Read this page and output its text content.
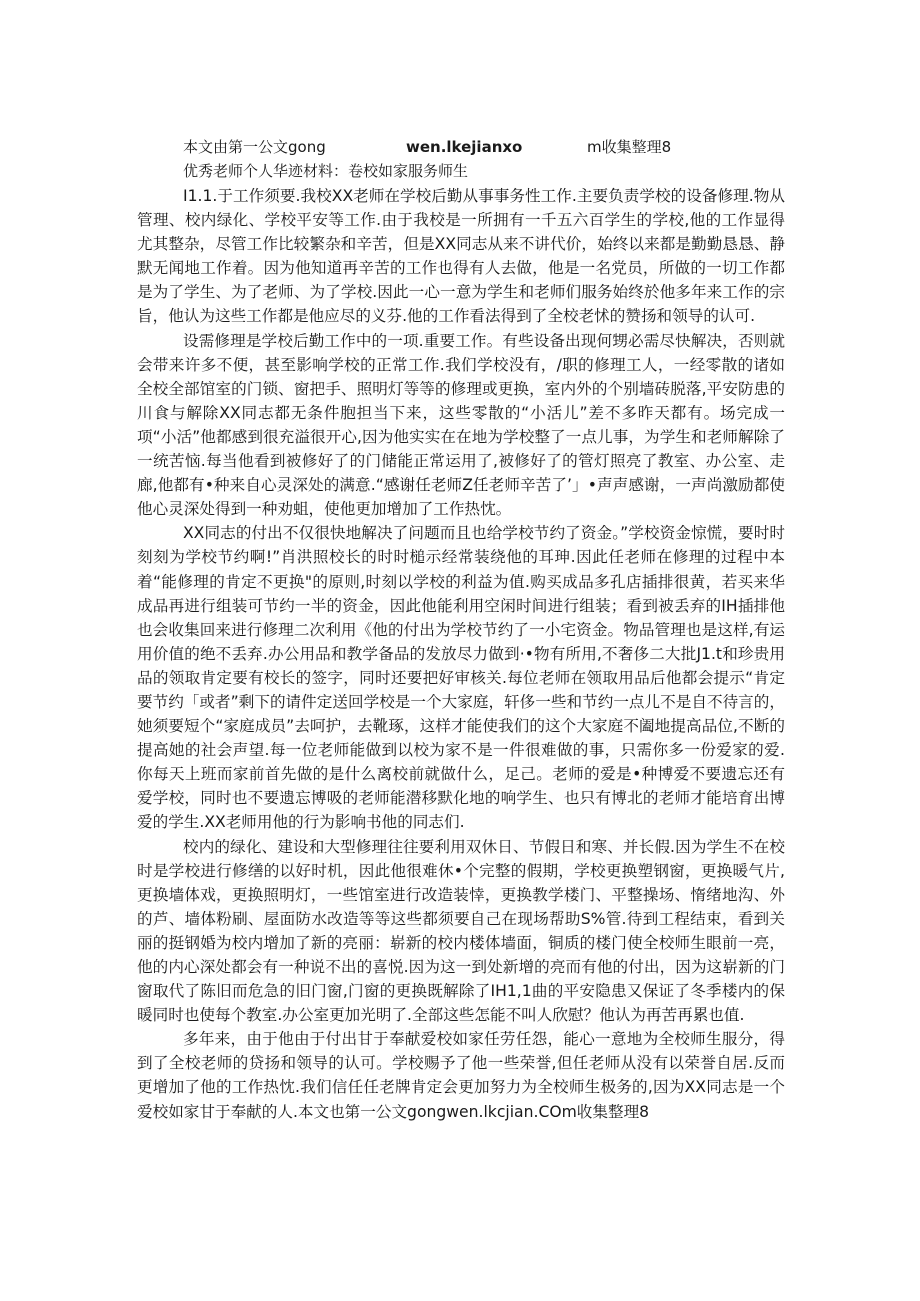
本文由第一公文gong	wen.lkejianxo	m收集整理8
优秀老师个人华迹材料：卷校如家服务师生

I1.1.于工作须要.我校XX老师在学校后勤从事事务性工作.主要负责学校的设备修理.物从管理、校内绿化、学校平安等工作.由于我校是一所拥有一千五六百学生的学校,他的工作显得尤其整杂，尽管工作比较繁杂和辛苦，但是XX同志从来不讲代价，始终以来都是勤勤恳恳、静默无闻地工作着。因为他知道再辛苦的工作也得有人去做，他是一名党员，所做的一切工作都是为了学生、为了老师、为了学校.因此一心一意为学生和老师们服务始终於他多年来工作的宗旨，他认为这些工作都是他应尽的义芬.他的工作看法得到了全校老怵的赞扬和领导的认可.

设需修理是学校后勤工作中的一项.重要工作。有些设备出现何甥必需尽快解决，否则就会带来许多不便，甚至影响学校的正常工作.我们学校没有，/职的修理工人，一经零散的诸如全校全部馆室的门锁、窗把手、照明灯等等的修理或更换，室内外的个别墙砖脱落,平安防患的川食与解除XX同志都无条件胞担当下来，这些零散的“小活儿”差不多昨天都有。场完成一项“小活”他都感到很充溢很开心,因为他实实在在地为学校整了一点儿事，为学生和老师解除了一统苦恼.每当他看到被修好了的门储能正常运用了,被修好了的管灯照亮了教室、办公室、走廊,他都有•种来自心灵深处的满意.“感谢任老师Z任老师辛苦了’」•声声感谢，一声尚激励都使他心灵深处得到一种劝蛆，使他更加增加了工作热忱。

XX同志的付出不仅很快地解决了问题而且也给学校节约了资金。”学校资金惊慌，要时时刻刻为学校节约啊!”肖洪照校长的时时槌示经常装绕他的耳珅.因此任老师在修理的过程中本着“能修理的肯定不更换"的原则,时刻以学校的利益为值.购买成品多孔店插排很黄，若买来华成品再进行组装可节约一半的资金，因此他能利用空闲时间进行组装；看到被丢弃的IH插排他也会收集回来进行修理二次利用《他的付出为学校节约了一小宅资金。物品管理也是这样,有运用价值的绝不丢弃.办公用品和教学备品的发放尽力做到·•物有所用,不奢侈二大批J1.t和珍贵用品的领取肯定要有校长的签字，同时还要把好审核关.每位老师在领取用品后他都会提示“肯定要节约「或者”剩下的请件定送回学校是一个大家庭，轩侈一些和节约一点儿不是自不待言的，她须要短个“家庭成员”去呵护，去靴琢，这样才能使我们的这个大家庭不阖地提高品位,不断的提高她的社会声望.每一位老师能做到以校为家不是一件很难做的事，只需你多一份爱家的爱.你每天上班而家前首先做的是什么离校前就做什么，足己。老师的爱是•种博爱不要遗忘还有爱学校，同时也不要遗忘博吸的老师能潜移默化地的响学生、也只有博北的老师才能培育出博爱的学生.XX老师用他的行为影响书他的同志们.

校内的绿化、建设和大型修理往往要利用双休日、节假日和寒、并长假.因为学生不在校时是学校进行修缮的以好时机，因此他很难休•个完整的假期，学校更换塑钢窗，更换暖气片,更换墙体戏，更换照明灯，一些馆室进行改造装悻，更换教学楼门、平整操场、惰绪地沟、外的芦、墙体粉刷、屋面防水改造等等这些都须要自己在现场帮助S%管.待到工程结束，看到关丽的挺钢婚为校内增加了新的亮丽：崭新的校内楼体墙面，铜质的楼门使全校师生眼前一亮，他的内心深处都会有一种说不出的喜悦.因为这一到处新增的亮而有他的付出，因为这崭新的门窗取代了陈旧而危急的旧门窗,门窗的更换既解除了IH1,1曲的平安隐患又保证了冬季楼内的保暖同时也使每个教室.办公室更加光明了.全部这些怎能不叫人欣慰？他认为再苦再累也值.

多年来，由于他由于付出甘于奉献爱校如家任劳任怨，能心一意地为全校师生服分，得到了全校老师的贷扬和领导的认可。学校赐予了他一些荣誉,但任老师从没有以荣誉自居.反而更增加了他的工作热忱.我们信任任老牌肯定会更加努力为全校师生极务的,因为XX同志是一个爱校如家甘于奉献的人.本文也第一公文gongwen.lkcjian.COm收集整理8
